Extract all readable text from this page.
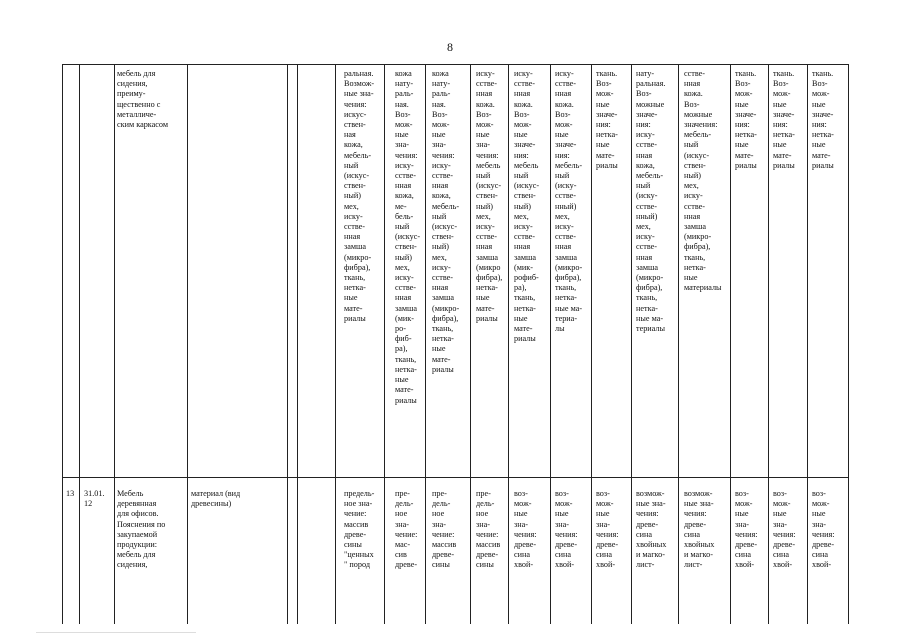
8
мебель для
сидения,
преиму-
щественно с
металличе-
ским каркасом
ральная.
Возмож-
ные зна-
чения:
искус-
ствен-
ная
кожа,
мебель-
ный
(искус-
ствен-
ный)
мех,
иску-
сстве-
нная
замша
(микро-
фибра),
ткань,
нетка-
ные
мате-
риалы
кожа
нату-
раль-
ная.
Воз-
мож-
ные
зна-
чения:
иску-
сстве-
нная
кожа,
ме-
бель-
ный
(искус-
ствен-
ный)
мех,
иску-
сстве-
нная
замша
(мик-
ро-
фиб-
ра),
ткань,
нетка-
ные
мате-
риалы
кожа
нату-
раль-
ная.
Воз-
мож-
ные
зна-
чения:
иску-
сстве-
нная
кожа,
мебель-
ный
(искус-
ствен-
ный)
мех,
иску-
сстве-
нная
замша
(микро-
фибра),
ткань,
нетка-
ные
мате-
риалы
иску-
сстве-
нная
кожа.
Воз-
мож-
ные
зна-
чения:
мебель
ный
(искус-
ствен-
ный)
мех,
иску-
сстве-
нная
замша
(микро
фибра),
нетка-
ные
мате-
риалы
иску-
сстве-
нная
кожа.
Воз-
мож-
ные
значе-
ния:
мебель
ный
(искус-
ствен-
ный)
мех,
иску-
сстве-
нная
замша
(мик-
рофиб-
ра),
ткань,
нетка-
ные
мате-
риалы
иску-
сстве-
нная
кожа.
Воз-
мож-
ные
значе-
ния:
мебель-
ный
(иску-
сстве-
нный)
мех,
иску-
сстве-
нная
замша
(микро-
фибра),
ткань,
нетка-
ные ма-
териа-
лы
ткань.
Воз-
мож-
ные
значе-
ния:
нетка-
ные
мате-
риалы
нату-
ральная.
Воз-
можные
значе-
ния:
иску-
сстве-
нная
кожа,
мебель-
ный
(иску-
сстве-
нный)
мех,
иску-
сстве-
нная
замша
(микро-
фибра),
ткань,
нетка-
ные ма-
териалы
сстве-
нная
кожа.
Воз-
можные
значения:
мебель-
ный
(искус-
ствен-
ный)
мех,
иску-
сстве-
нная
замша
(микро-
фибра),
ткань,
нетка-
ные
материалы
ткань.
Воз-
мож-
ные
значе-
ния:
нетка-
ные
мате-
риалы
ткань.
Воз-
мож-
ные
значе-
ния:
нетка-
ные
мате-
риалы
ткань.
Воз-
мож-
ные
значе-
ния:
нетка-
ные
мате-
риалы
13	31.01.
12
Мебель
деревянная
для офисов.
Пояснения по
закупаемой
продукции:
мебель для
сидения,
материал (вид
древесины)
предель-
ное зна-
чение:
массив
древе-
сины
"ценных
" пород
пре-
дель-
ное
зна-
чение:
мас-
сив
древе-
пре-
дель-
ное
зна-
чение:
массив
древе-
сины
пре-
дель-
ное
зна-
чение:
массив
древе-
сины
воз-
мож-
ные
зна-
чения:
древе-
сина
хвой-
воз-
мож-
ные
зна-
чения:
древе-
сина
хвой-
воз-
мож-
ные
зна-
чения:
древе-
сина
хвой-
возмож-
ные зна-
чения:
древе-
сина
хвойных
и магко-
лист-
возмож-
ные зна-
чения:
древе-
сина
хвойных
и магко-
лист-
воз-
мож-
ные
зна-
чения:
древе-
сина
хвой-
воз-
мож-
ные
зна-
чения:
древе-
сина
хвой-
воз-
мож-
ные
зна-
чения:
древе-
сина
хвой-
